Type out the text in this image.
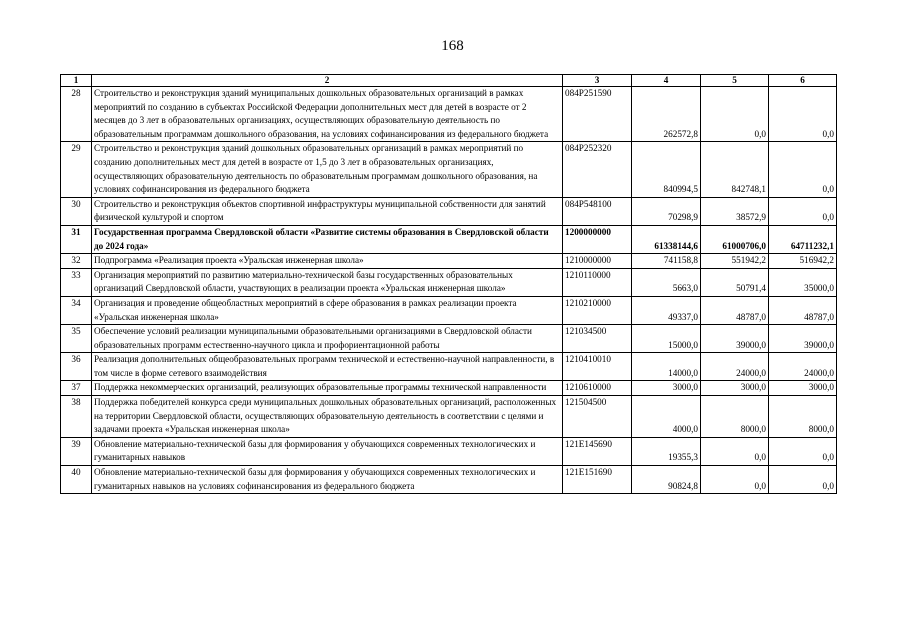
168
1	2	3	4	5	6
28	Строительство и реконструкция зданий муниципальных дошкольных образовательных организаций в рамках мероприятий по созданию в субъектах Российской Федерации дополнительных мест для детей в возрасте от 2 месяцев до 3 лет в образовательных организациях, осуществляющих образовательную деятельность по образовательным программам дошкольного образования, на условиях софинансирования из федерального бюджета	084P251590	262572,8	0,0	0,0
29	Строительство и реконструкция зданий дошкольных образовательных организаций в рамках мероприятий по созданию дополнительных мест для детей в возрасте от 1,5 до 3 лет в образовательных организациях, осуществляющих образовательную деятельность по образовательным программам дошкольного образования, на условиях софинансирования из федерального бюджета	084P252320	840994,5	842748,1	0,0
30	Строительство и реконструкция объектов спортивной инфраструктуры муниципальной собственности для занятий физической культурой и спортом	084P548100	70298,9	38572,9	0,0
31	Государственная программа Свердловской области «Развитие системы образования в Свердловской области до 2024 года»	1200000000	61338144,6	61000706,0	64711232,1
32	Подпрограмма «Реализация проекта «Уральская инженерная школа»	1210000000	741158,8	551942,2	516942,2
33	Организация мероприятий по развитию материально-технической базы государственных образовательных организаций Свердловской области, участвующих в реализации проекта «Уральская инженерная школа»	1210110000	5663,0	50791,4	35000,0
34	Организация и проведение общеобластных мероприятий в сфере образования в рамках реализации проекта «Уральская инженерная школа»	1210210000	49337,0	48787,0	48787,0
35	Обеспечение условий реализации муниципальными образовательными организациями в Свердловской области образовательных программ естественно-научного цикла и профориентационной работы	121034500	15000,0	39000,0	39000,0
36	Реализация дополнительных общеобразовательных программ технической и естественно-научной направленности, в том числе в форме сетевого взаимодействия	1210410010	14000,0	24000,0	24000,0
37	Поддержка некоммерческих организаций, реализующих образовательные программы технической направленности	1210610000	3000,0	3000,0	3000,0
38	Поддержка победителей конкурса среди муниципальных дошкольных образовательных организаций, расположенных на территории Свердловской области, осуществляющих образовательную деятельность в соответствии с целями и задачами проекта «Уральская инженерная школа»	121504500	4000,0	8000,0	8000,0
39	Обновление материально-технической базы для формирования у обучающихся современных технологических и гуманитарных навыков	121E145690	19355,3	0,0	0,0
40	Обновление материально-технической базы для формирования у обучающихся современных технологических и гуманитарных навыков на условиях софинансирования из федерального бюджета	121E151690	90824,8	0,0	0,0
